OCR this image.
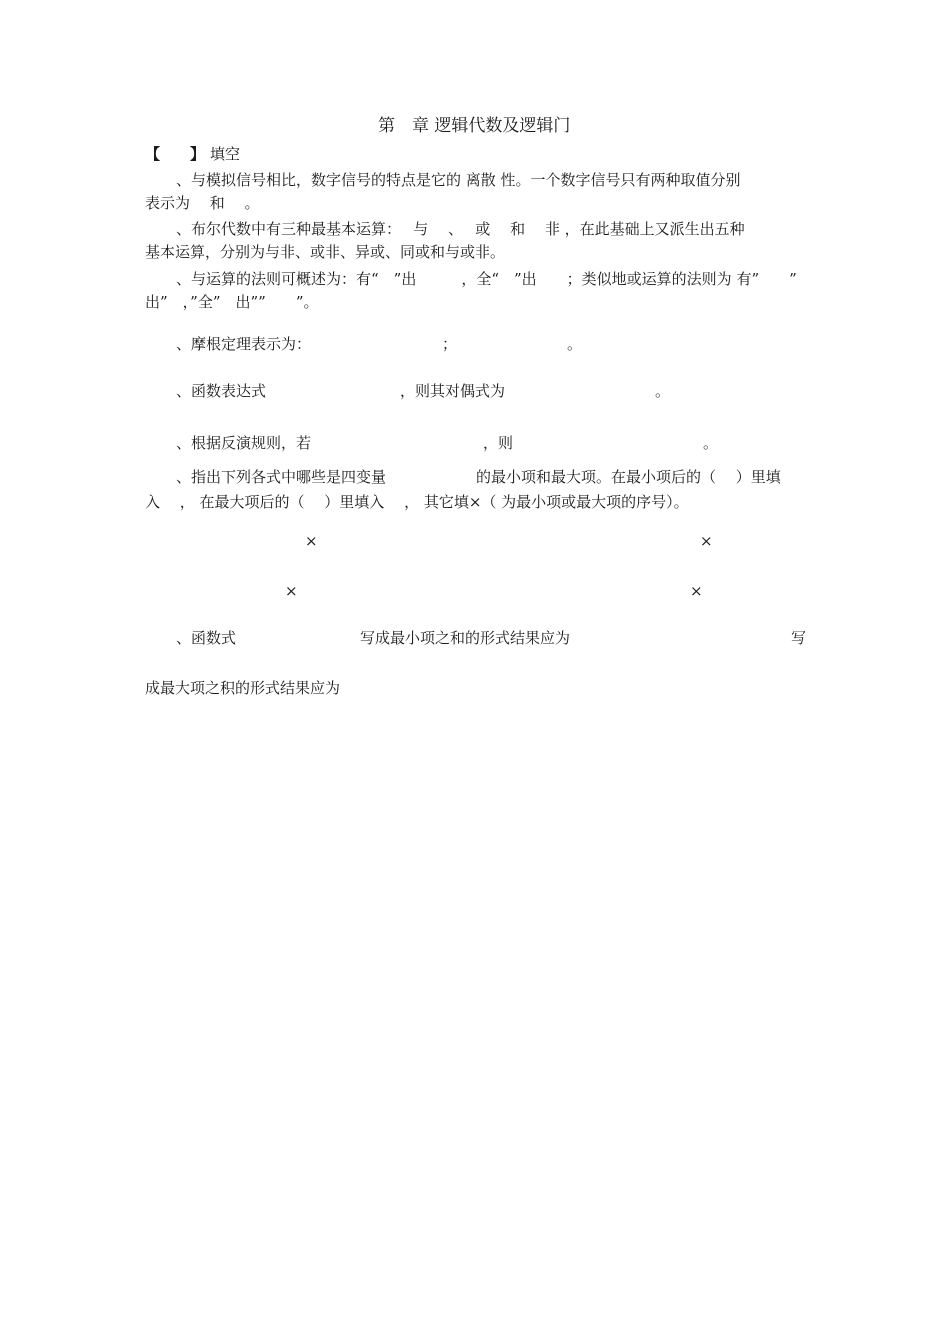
第　章 逻辑代数及逻辑门
【　　】 填空
、与模拟信号相比，数字信号的特点是它的 离散 性。一个数字信号只有两种取值分别
表示为　 和　 。
、布尔代数中有三种最基本运算：　 与　 、　 或　 和　 非 ，在此基础上又派生出五种
基本运算，分别为与非、或非、异或、同或和与或非。
、与运算的法则可概述为：有“　”出　　　，全“　”出　　；类似地或运算的法则为 有”　　”
出”　，”全”　出””　　”。
、摩根定理表示为：	；	。
、函数表达式	，则其对偶式为	。
、根据反演规则，若	，则	。
、指出下列各式中哪些是四变量	的最小项和最大项。在最小项后的（　 ）里填
入　 ， 在最大项后的（　 ）里填入　 ， 其它填×（ 为最小项或最大项的序号）。
×	×
×	×
、函数式	写成最小项之和的形式结果应为	写
成最大项之积的形式结果应为
